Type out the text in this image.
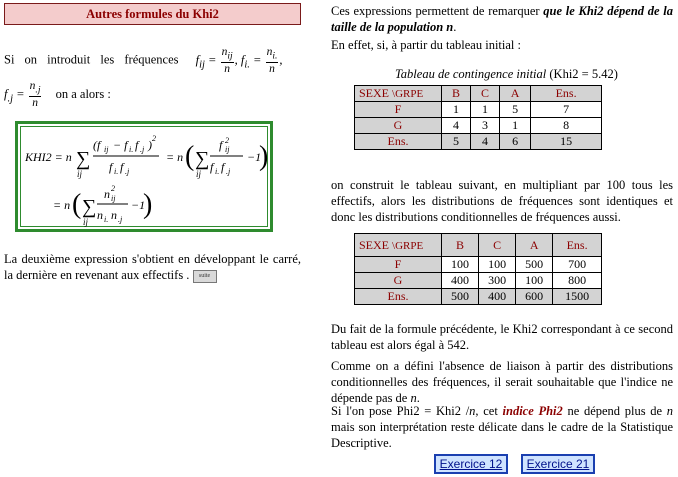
Autres formules du Khi2
Si on introduit les fréquences $f_{ij} = \frac{n_{ij}}{n}$ , $f_{i.} = \frac{n_{i.}}{n}$ ,
$f_{.j} = \frac{n_{.j}}{n}$ on a alors :
KHI2 = n ∑
ij
(f ij − f i. f .j ) 2
f i. f .j
= n ( ∑
ij
f ij
2
f i. f .j
−1
)
= n ( ∑
ij
n ij
2
n i. n .j
−1
)
La deuxième expression s'obtient en développant le carré, la dernière en revenant aux effectifs . suite
Ces expressions permettent de remarquer que le Khi2 dépend de la taille de la population n.
En effet, si, à partir du tableau initial :
Tableau de contingence initial (Khi2 = 5.42)
SEXE \GRPE	B	C	A	Ens.
F	1	1	5	7
G	4	3	1	8
Ens.	5	4	6	15
on construit le tableau suivant, en multipliant par 100 tous les effectifs, alors les distributions de fréquences sont identiques et donc les distributions conditionnelles de fréquences aussi.
SEXE \GRPE	B	C	A	Ens.
F	100	100	500	700
G	400	300	100	800
Ens.	500	400	600	1500
Du fait de la formule précédente, le Khi2 correspondant à ce second tableau est alors égal à 542.
Comme on a défini l'absence de liaison à partir des distributions conditionnelles des fréquences, il serait souhaitable que l'indice ne dépende pas de n.
Si l'on pose Phi2 = Khi2 /n, cet indice Phi2 ne dépend plus de n mais son interprétation reste délicate dans le cadre de la Statistique Descriptive.
Exercice 12	Exercice 21
